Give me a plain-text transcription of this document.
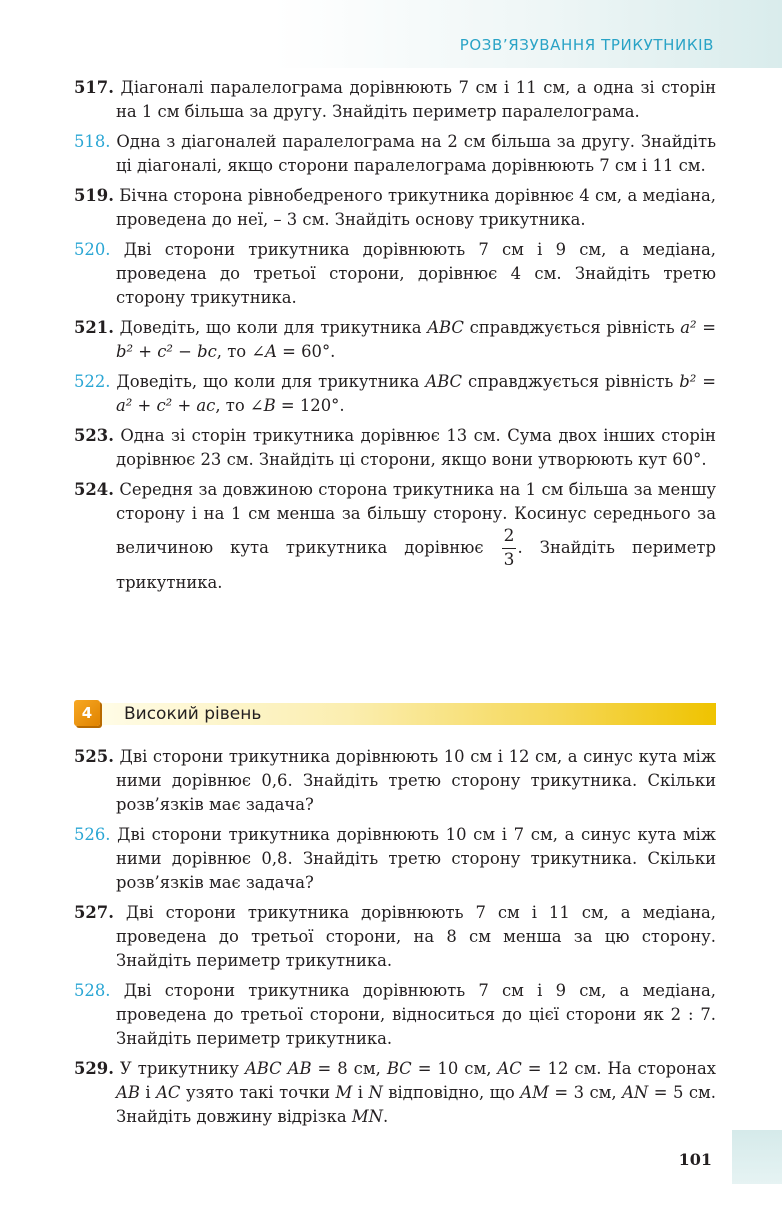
РОЗВ’ЯЗУВАННЯ ТРИКУТНИКІВ
517. Діагоналі паралелограма дорівнюють 7 см і 11 см, а одна зі сторін на 1 см більша за другу. Знайдіть периметр паралелограма.
518. Одна з діагоналей паралелограма на 2 см більша за другу. Знайдіть ці діагоналі, якщо сторони паралелограма дорівнюють 7 см і 11 см.
519. Бічна сторона рівнобедреного трикутника дорівнює 4 см, а медіана, проведена до неї, – 3 см. Знайдіть основу трикутника.
520. Дві сторони трикутника дорівнюють 7 см і 9 см, а медіана, проведена до третьої сторони, дорівнює 4 см. Знайдіть третю сторону трикутника.
521. Доведіть, що коли для трикутника ABC справджується рівність a² = b² + c² − bc, то ∠A = 60°.
522. Доведіть, що коли для трикутника ABC справджується рівність b² = a² + c² + ac, то ∠B = 120°.
523. Одна зі сторін трикутника дорівнює 13 см. Сума двох інших сторін дорівнює 23 см. Знайдіть ці сторони, якщо вони утворюють кут 60°.
524. Середня за довжиною сторона трикутника на 1 см більша за меншу сторону і на 1 см менша за більшу сторону. Косинус середнього за величиною кута трикутника дорівнює $\frac{2}{3}$ . Знайдіть периметр трикутника.
4	Високий рівень
525. Дві сторони трикутника дорівнюють 10 см і 12 см, а синус кута між ними дорівнює 0,6. Знайдіть третю сторону трикутника. Скільки розв’язків має задача?
526. Дві сторони трикутника дорівнюють 10 см і 7 см, а синус кута між ними дорівнює 0,8. Знайдіть третю сторону трикутника. Скільки розв’язків має задача?
527. Дві сторони трикутника дорівнюють 7 см і 11 см, а медіана, проведена до третьої сторони, на 8 см менша за цю сторону. Знайдіть периметр трикутника.
528. Дві сторони трикутника дорівнюють 7 см і 9 см, а медіана, проведена до третьої сторони, відноситься до цієї сторони як 2 : 7. Знайдіть периметр трикутника.
529. У трикутнику ABC AB = 8 см, BC = 10 см, AC = 12 см. На сторонах AB і AC узято такі точки M і N відповідно, що AM = 3 см, AN = 5 см. Знайдіть довжину відрізка MN.
101
